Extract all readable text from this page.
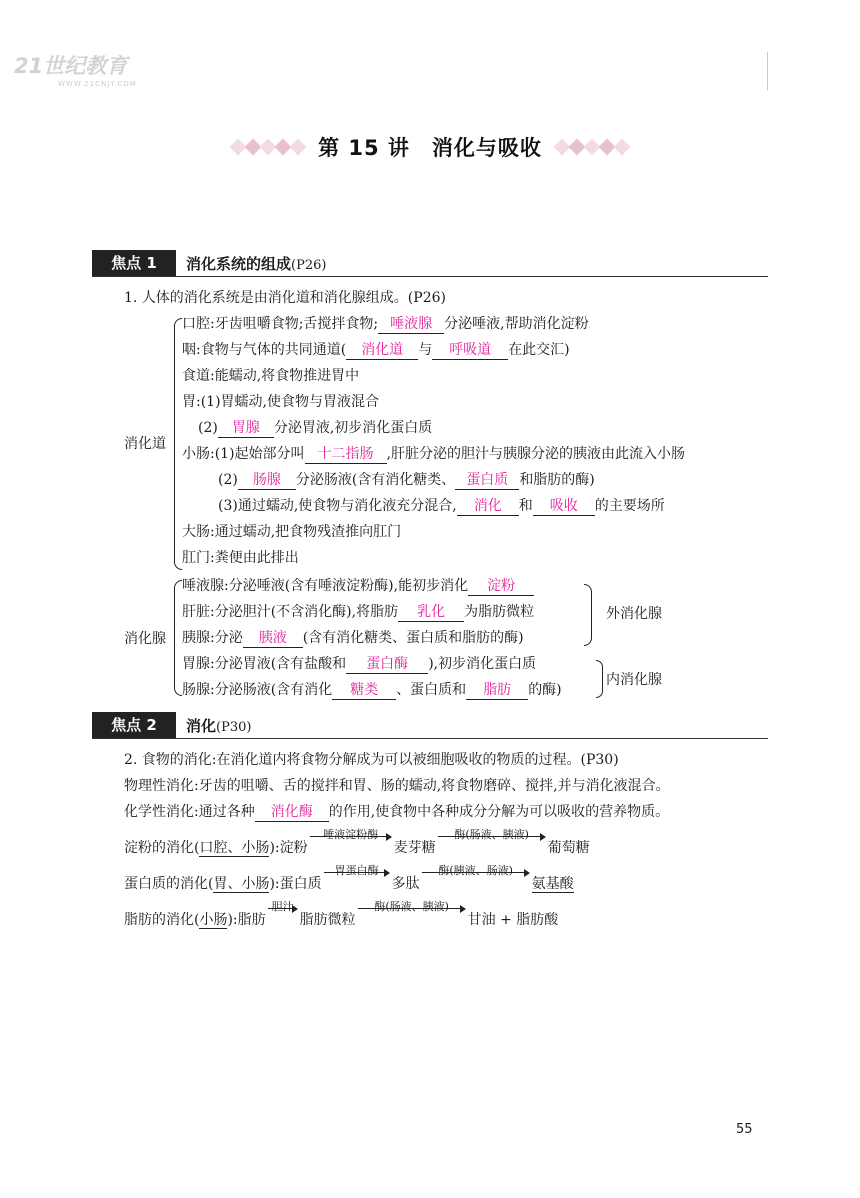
21世纪教育
WWW.21CNJY.COM
第 15 讲　消化与吸收
焦点 1	消化系统的组成(P26)
1. 人体的消化系统是由消化道和消化腺组成。(P26)
消化道
口腔:牙齿咀嚼食物;舌搅拌食物; 唾液腺 分泌唾液,帮助消化淀粉
咽:食物与气体的共同通道( 消化道 与 呼吸道 在此交汇)
食道:能蠕动,将食物推进胃中
胃:(1)胃蠕动,使食物与胃液混合
(2) 胃腺 分泌胃液,初步消化蛋白质
小肠:(1)起始部分叫 十二指肠 ,肝脏分泌的胆汁与胰腺分泌的胰液由此流入小肠
(2) 肠腺 分泌肠液(含有消化糖类、 蛋白质 和脂肪的酶)
(3)通过蠕动,使食物与消化液充分混合, 消化 和 吸收 的主要场所
大肠:通过蠕动,把食物残渣推向肛门
肛门:粪便由此排出
消化腺
唾液腺:分泌唾液(含有唾液淀粉酶),能初步消化 淀粉
肝脏:分泌胆汁(不含消化酶),将脂肪 乳化 为脂肪微粒
胰腺:分泌 胰液 (含有消化糖类、蛋白质和脂肪的酶)
外消化腺
胃腺:分泌胃液(含有盐酸和 蛋白酶 ),初步消化蛋白质
肠腺:分泌肠液(含有消化 糖类 、蛋白质和 脂肪 的酶)
内消化腺
焦点 2	消化(P30)
2. 食物的消化:在消化道内将食物分解成为可以被细胞吸收的物质的过程。(P30)
物理性消化:牙齿的咀嚼、舌的搅拌和胃、肠的蠕动,将食物磨碎、搅拌,并与消化液混合。
化学性消化:通过各种 消化酶 的作用,使食物中各种成分分解为可以吸收的营养物质。
淀粉的消化(口腔、小肠):淀粉
唾液淀粉酶
麦芽糖
酶(肠液、胰液)
葡萄糖
蛋白质的消化(胃、小肠):蛋白质
胃蛋白酶
多肽
酶(胰液、肠液)
氨基酸
脂肪的消化(小肠):脂肪
胆汁
脂肪微粒
酶(肠液、胰液)
甘油 + 脂肪酸
55
